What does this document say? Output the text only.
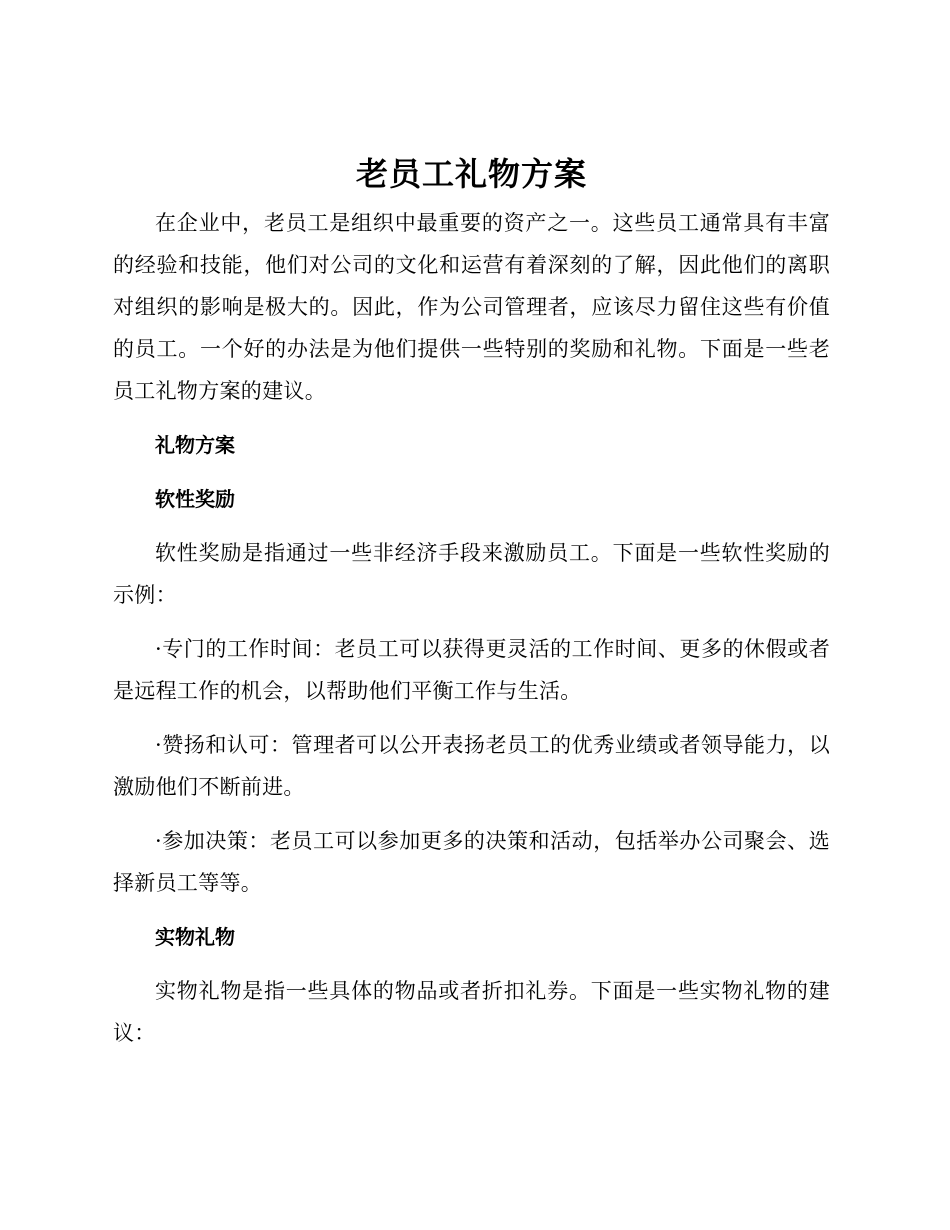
老员工礼物方案

在企业中，老员工是组织中最重要的资产之一。这些员工通常具有丰富的经验和技能，他们对公司的文化和运营有着深刻的了解，因此他们的离职对组织的影响是极大的。因此，作为公司管理者，应该尽力留住这些有价值的员工。一个好的办法是为他们提供一些特别的奖励和礼物。下面是一些老员工礼物方案的建议。

礼物方案
软性奖励

软性奖励是指通过一些非经济手段来激励员工。下面是一些软性奖励的示例：

·专门的工作时间：老员工可以获得更灵活的工作时间、更多的休假或者是远程工作的机会，以帮助他们平衡工作与生活。

·赞扬和认可：管理者可以公开表扬老员工的优秀业绩或者领导能力，以激励他们不断前进。

·参加决策：老员工可以参加更多的决策和活动，包括举办公司聚会、选择新员工等等。

实物礼物

实物礼物是指一些具体的物品或者折扣礼券。下面是一些实物礼物的建议：
